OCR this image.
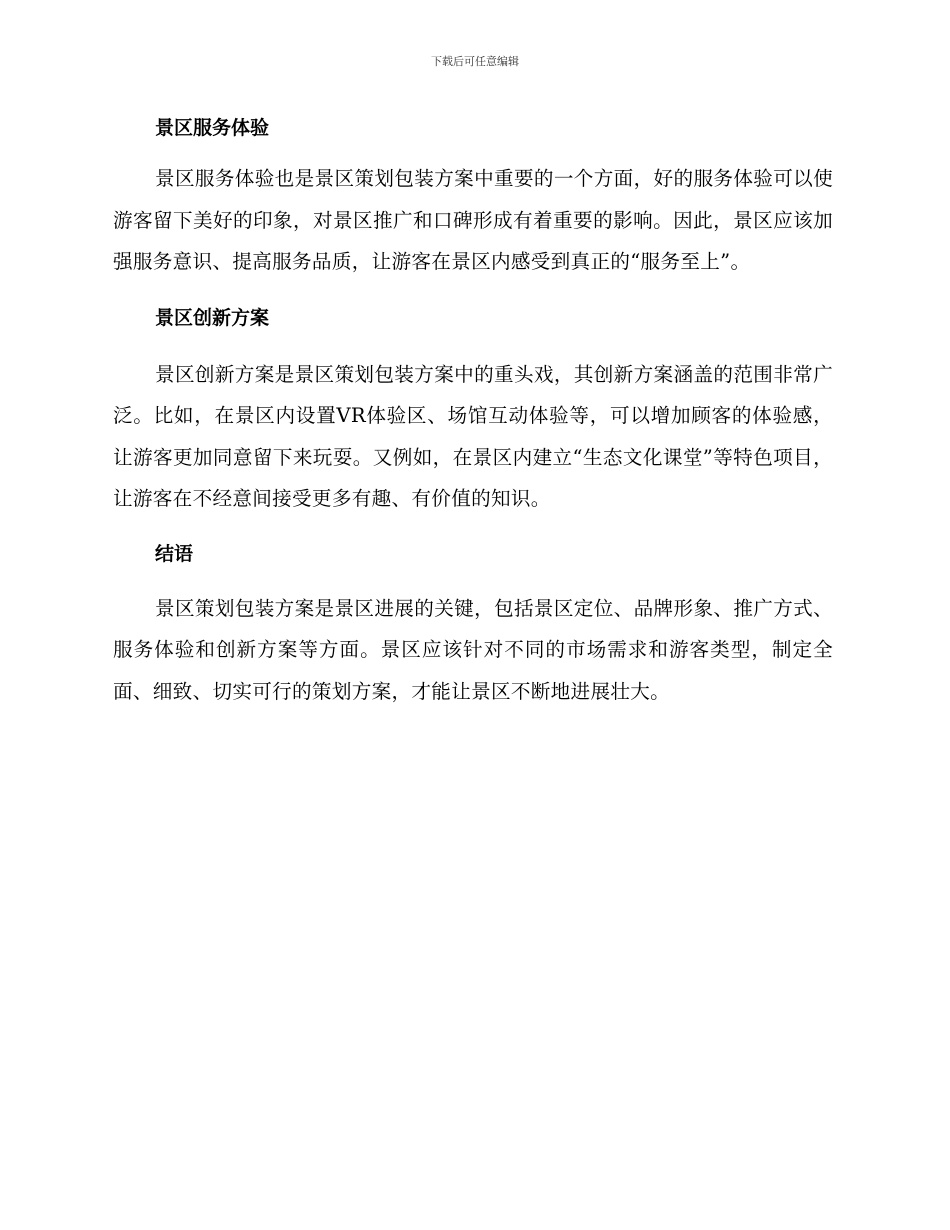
下载后可任意编辑
景区服务体验

景区服务体验也是景区策划包装方案中重要的一个方面，好的服务体验可以使游客留下美好的印象，对景区推广和口碑形成有着重要的影响。因此，景区应该加强服务意识、提高服务品质，让游客在景区内感受到真正的“服务至上”。

景区创新方案

景区创新方案是景区策划包装方案中的重头戏，其创新方案涵盖的范围非常广泛。比如，在景区内设置VR体验区、场馆互动体验等，可以增加顾客的体验感，让游客更加同意留下来玩耍。又例如，在景区内建立“生态文化课堂”等特色项目，让游客在不经意间接受更多有趣、有价值的知识。

结语

景区策划包装方案是景区进展的关键，包括景区定位、品牌形象、推广方式、服务体验和创新方案等方面。景区应该针对不同的市场需求和游客类型，制定全面、细致、切实可行的策划方案，才能让景区不断地进展壮大。
